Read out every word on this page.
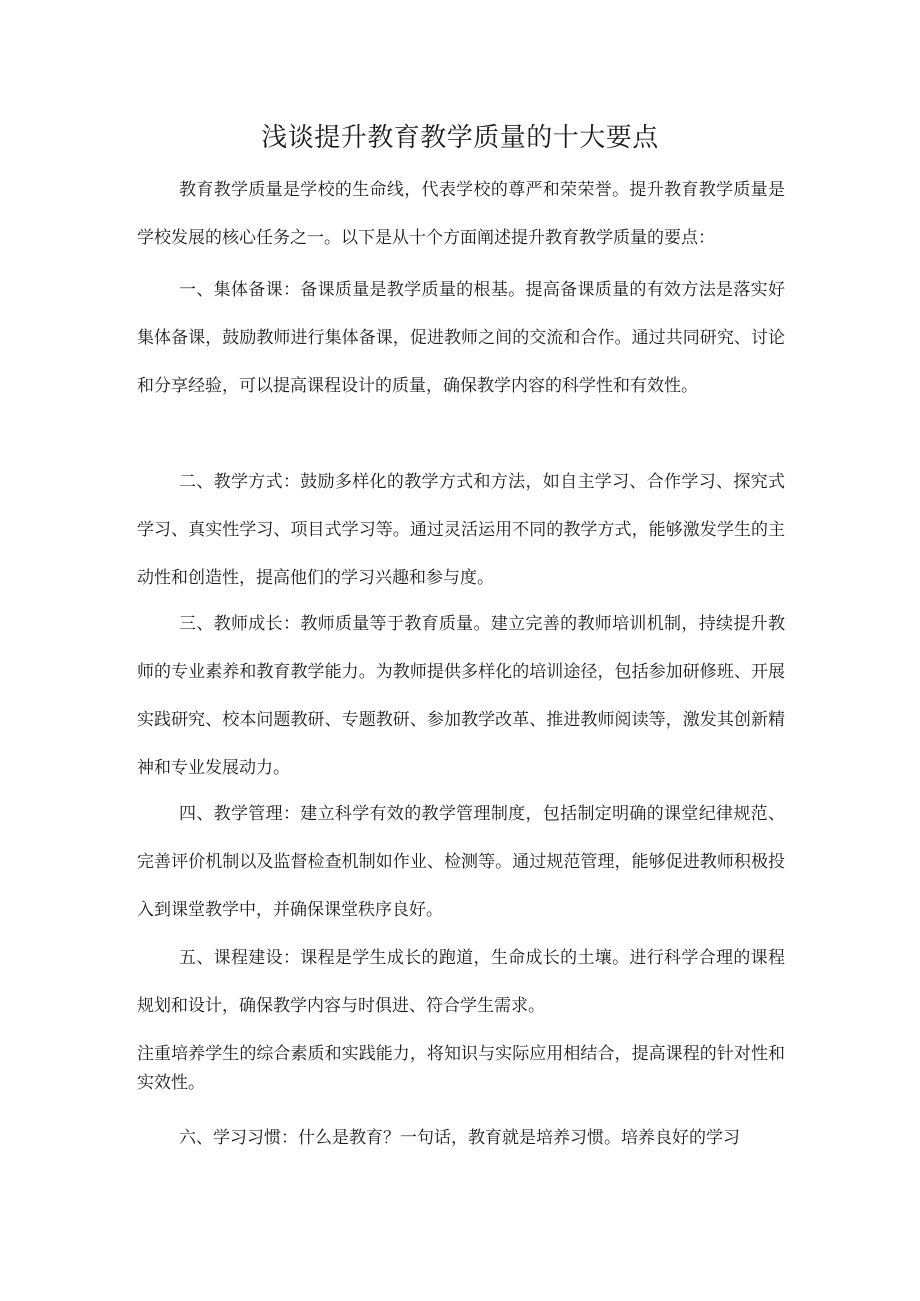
浅谈提升教育教学质量的十大要点

教育教学质量是学校的生命线，代表学校的尊严和荣荣誉。提升教育教学质量是学校发展的核心任务之一。以下是从十个方面阐述提升教育教学质量的要点：

一、集体备课：备课质量是教学质量的根基。提高备课质量的有效方法是落实好集体备课，鼓励教师进行集体备课，促进教师之间的交流和合作。通过共同研究、讨论和分享经验，可以提高课程设计的质量，确保教学内容的科学性和有效性。

二、教学方式：鼓励多样化的教学方式和方法，如自主学习、合作学习、探究式学习、真实性学习、项目式学习等。通过灵活运用不同的教学方式，能够激发学生的主动性和创造性，提高他们的学习兴趣和参与度。

三、教师成长：教师质量等于教育质量。建立完善的教师培训机制，持续提升教师的专业素养和教育教学能力。为教师提供多样化的培训途径，包括参加研修班、开展实践研究、校本问题教研、专题教研、参加教学改革、推进教师阅读等，激发其创新精神和专业发展动力。

四、教学管理：建立科学有效的教学管理制度，包括制定明确的课堂纪律规范、完善评价机制以及监督检查机制如作业、检测等。通过规范管理，能够促进教师积极投入到课堂教学中，并确保课堂秩序良好。

五、课程建设：课程是学生成长的跑道，生命成长的土壤。进行科学合理的课程规划和设计，确保教学内容与时俱进、符合学生需求。

注重培养学生的综合素质和实践能力，将知识与实际应用相结合，提高课程的针对性和实效性。

六、学习习惯：什么是教育？一句话，教育就是培养习惯。培养良好的学习
